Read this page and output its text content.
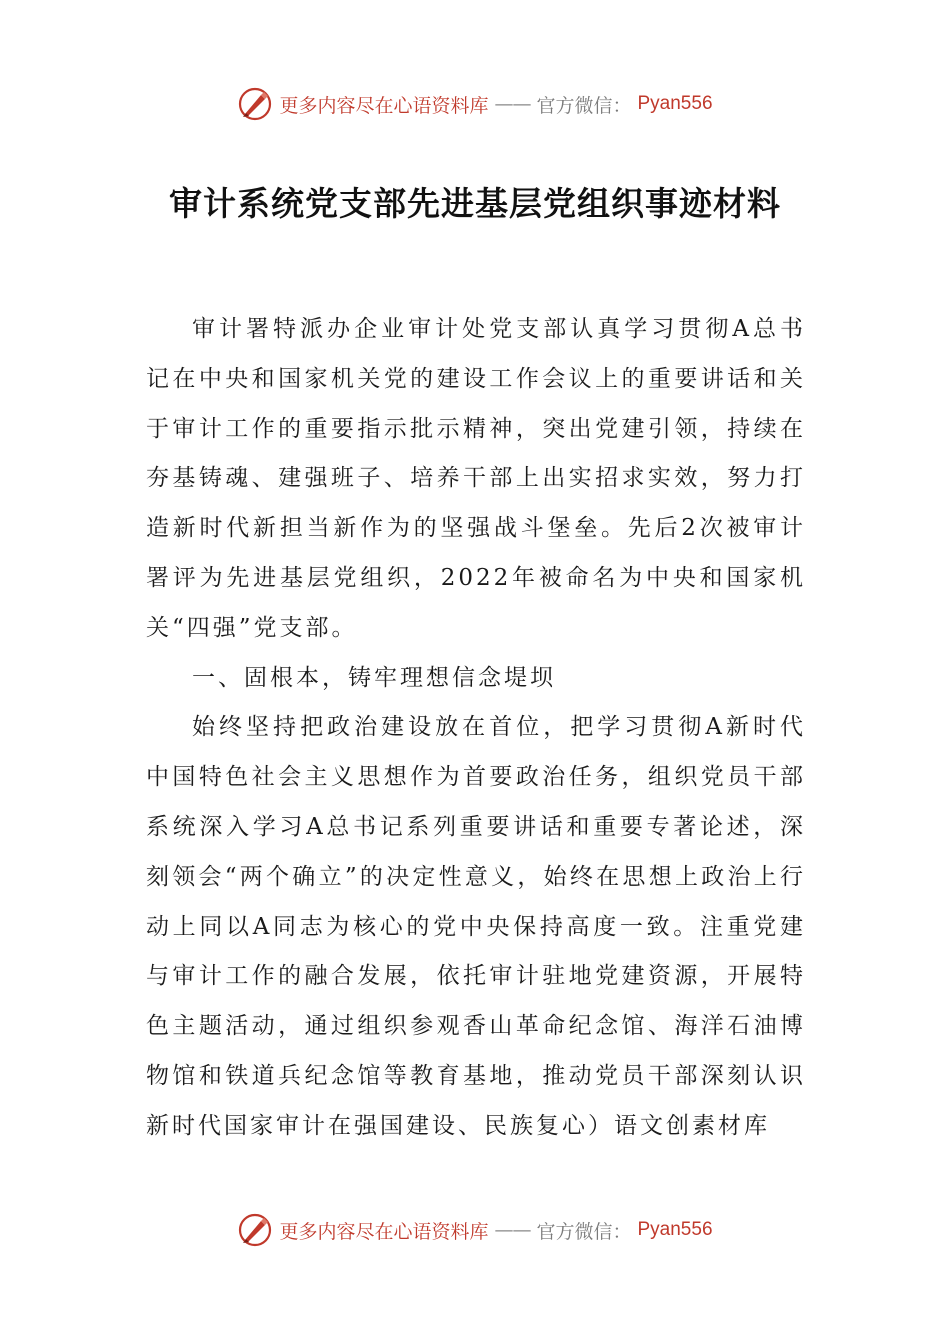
更多内容尽在心语资料库 —— 官方微信： Pyan556
审计系统党支部先进基层党组织事迹材料

审计署特派办企业审计处党支部认真学习贯彻A总书记在中央和国家机关党的建设工作会议上的重要讲话和关于审计工作的重要指示批示精神，突出党建引领，持续在夯基铸魂、建强班子、培养干部上出实招求实效，努力打造新时代新担当新作为的坚强战斗堡垒。先后2次被审计署评为先进基层党组织，2022年被命名为中央和国家机关“四强”党支部。

一、固根本，铸牢理想信念堤坝

始终坚持把政治建设放在首位，把学习贯彻A新时代中国特色社会主义思想作为首要政治任务，组织党员干部系统深入学习A总书记系列重要讲话和重要专著论述，深刻领会“两个确立”的决定性意义，始终在思想上政治上行动上同以A同志为核心的党中央保持高度一致。注重党建与审计工作的融合发展，依托审计驻地党建资源，开展特色主题活动，通过组织参观香山革命纪念馆、海洋石油博物馆和铁道兵纪念馆等教育基地，推动党员干部深刻认识新时代国家审计在强国建设、民族复心）语文创素材库

更多内容尽在心语资料库 —— 官方微信： Pyan556
